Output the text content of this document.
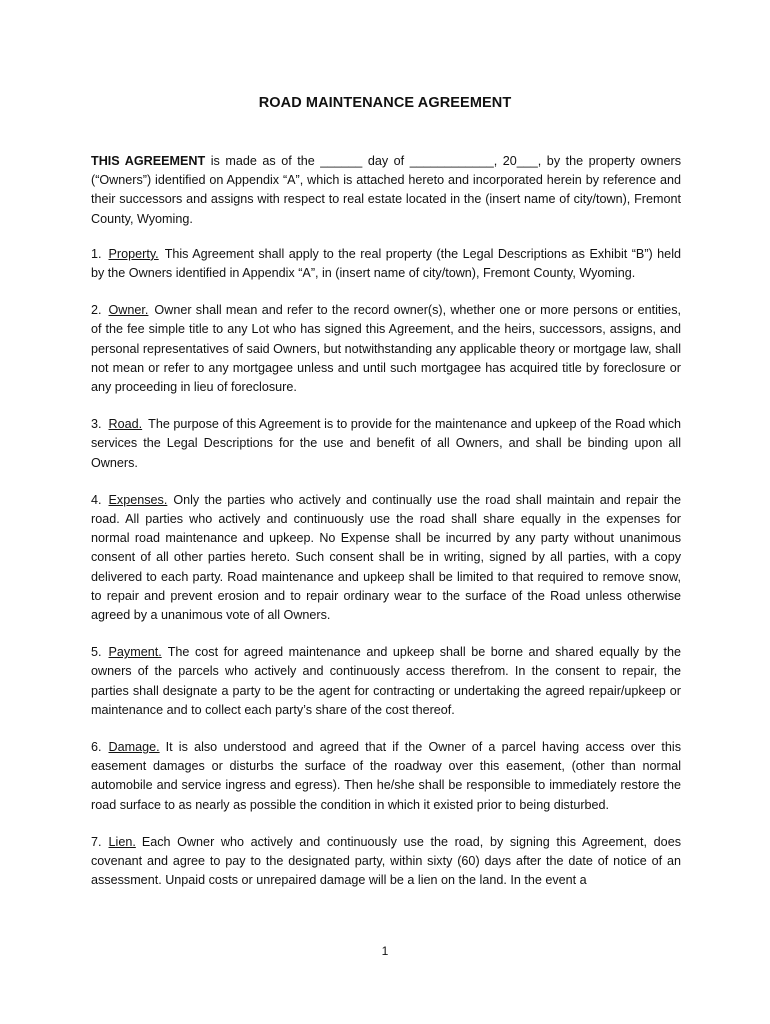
ROAD MAINTENANCE AGREEMENT

THIS AGREEMENT is made as of the ______ day of ____________, 20___, by the property owners (“Owners”) identified on Appendix “A”, which is attached hereto and incorporated herein by reference and their successors and assigns with respect to real estate located in the (insert name of city/town), Fremont County, Wyoming.

1. Property. This Agreement shall apply to the real property (the Legal Descriptions as Exhibit “B”) held by the Owners identified in Appendix “A”, in (insert name of city/town), Fremont County, Wyoming.

2. Owner. Owner shall mean and refer to the record owner(s), whether one or more persons or entities, of the fee simple title to any Lot who has signed this Agreement, and the heirs, successors, assigns, and personal representatives of said Owners, but notwithstanding any applicable theory or mortgage law, shall not mean or refer to any mortgagee unless and until such mortgagee has acquired title by foreclosure or any proceeding in lieu of foreclosure.

3. Road. The purpose of this Agreement is to provide for the maintenance and upkeep of the Road which services the Legal Descriptions for the use and benefit of all Owners, and shall be binding upon all Owners.

4. Expenses. Only the parties who actively and continually use the road shall maintain and repair the road. All parties who actively and continuously use the road shall share equally in the expenses for normal road maintenance and upkeep. No Expense shall be incurred by any party without unanimous consent of all other parties hereto. Such consent shall be in writing, signed by all parties, with a copy delivered to each party. Road maintenance and upkeep shall be limited to that required to remove snow, to repair and prevent erosion and to repair ordinary wear to the surface of the Road unless otherwise agreed by a unanimous vote of all Owners.

5. Payment. The cost for agreed maintenance and upkeep shall be borne and shared equally by the owners of the parcels who actively and continuously access therefrom. In the consent to repair, the parties shall designate a party to be the agent for contracting or undertaking the agreed repair/upkeep or maintenance and to collect each party’s share of the cost thereof.

6. Damage. It is also understood and agreed that if the Owner of a parcel having access over this easement damages or disturbs the surface of the roadway over this easement, (other than normal automobile and service ingress and egress). Then he/she shall be responsible to immediately restore the road surface to as nearly as possible the condition in which it existed prior to being disturbed.

7. Lien. Each Owner who actively and continuously use the road, by signing this Agreement, does covenant and agree to pay to the designated party, within sixty (60) days after the date of notice of an assessment. Unpaid costs or unrepaired damage will be a lien on the land. In the event a

1
